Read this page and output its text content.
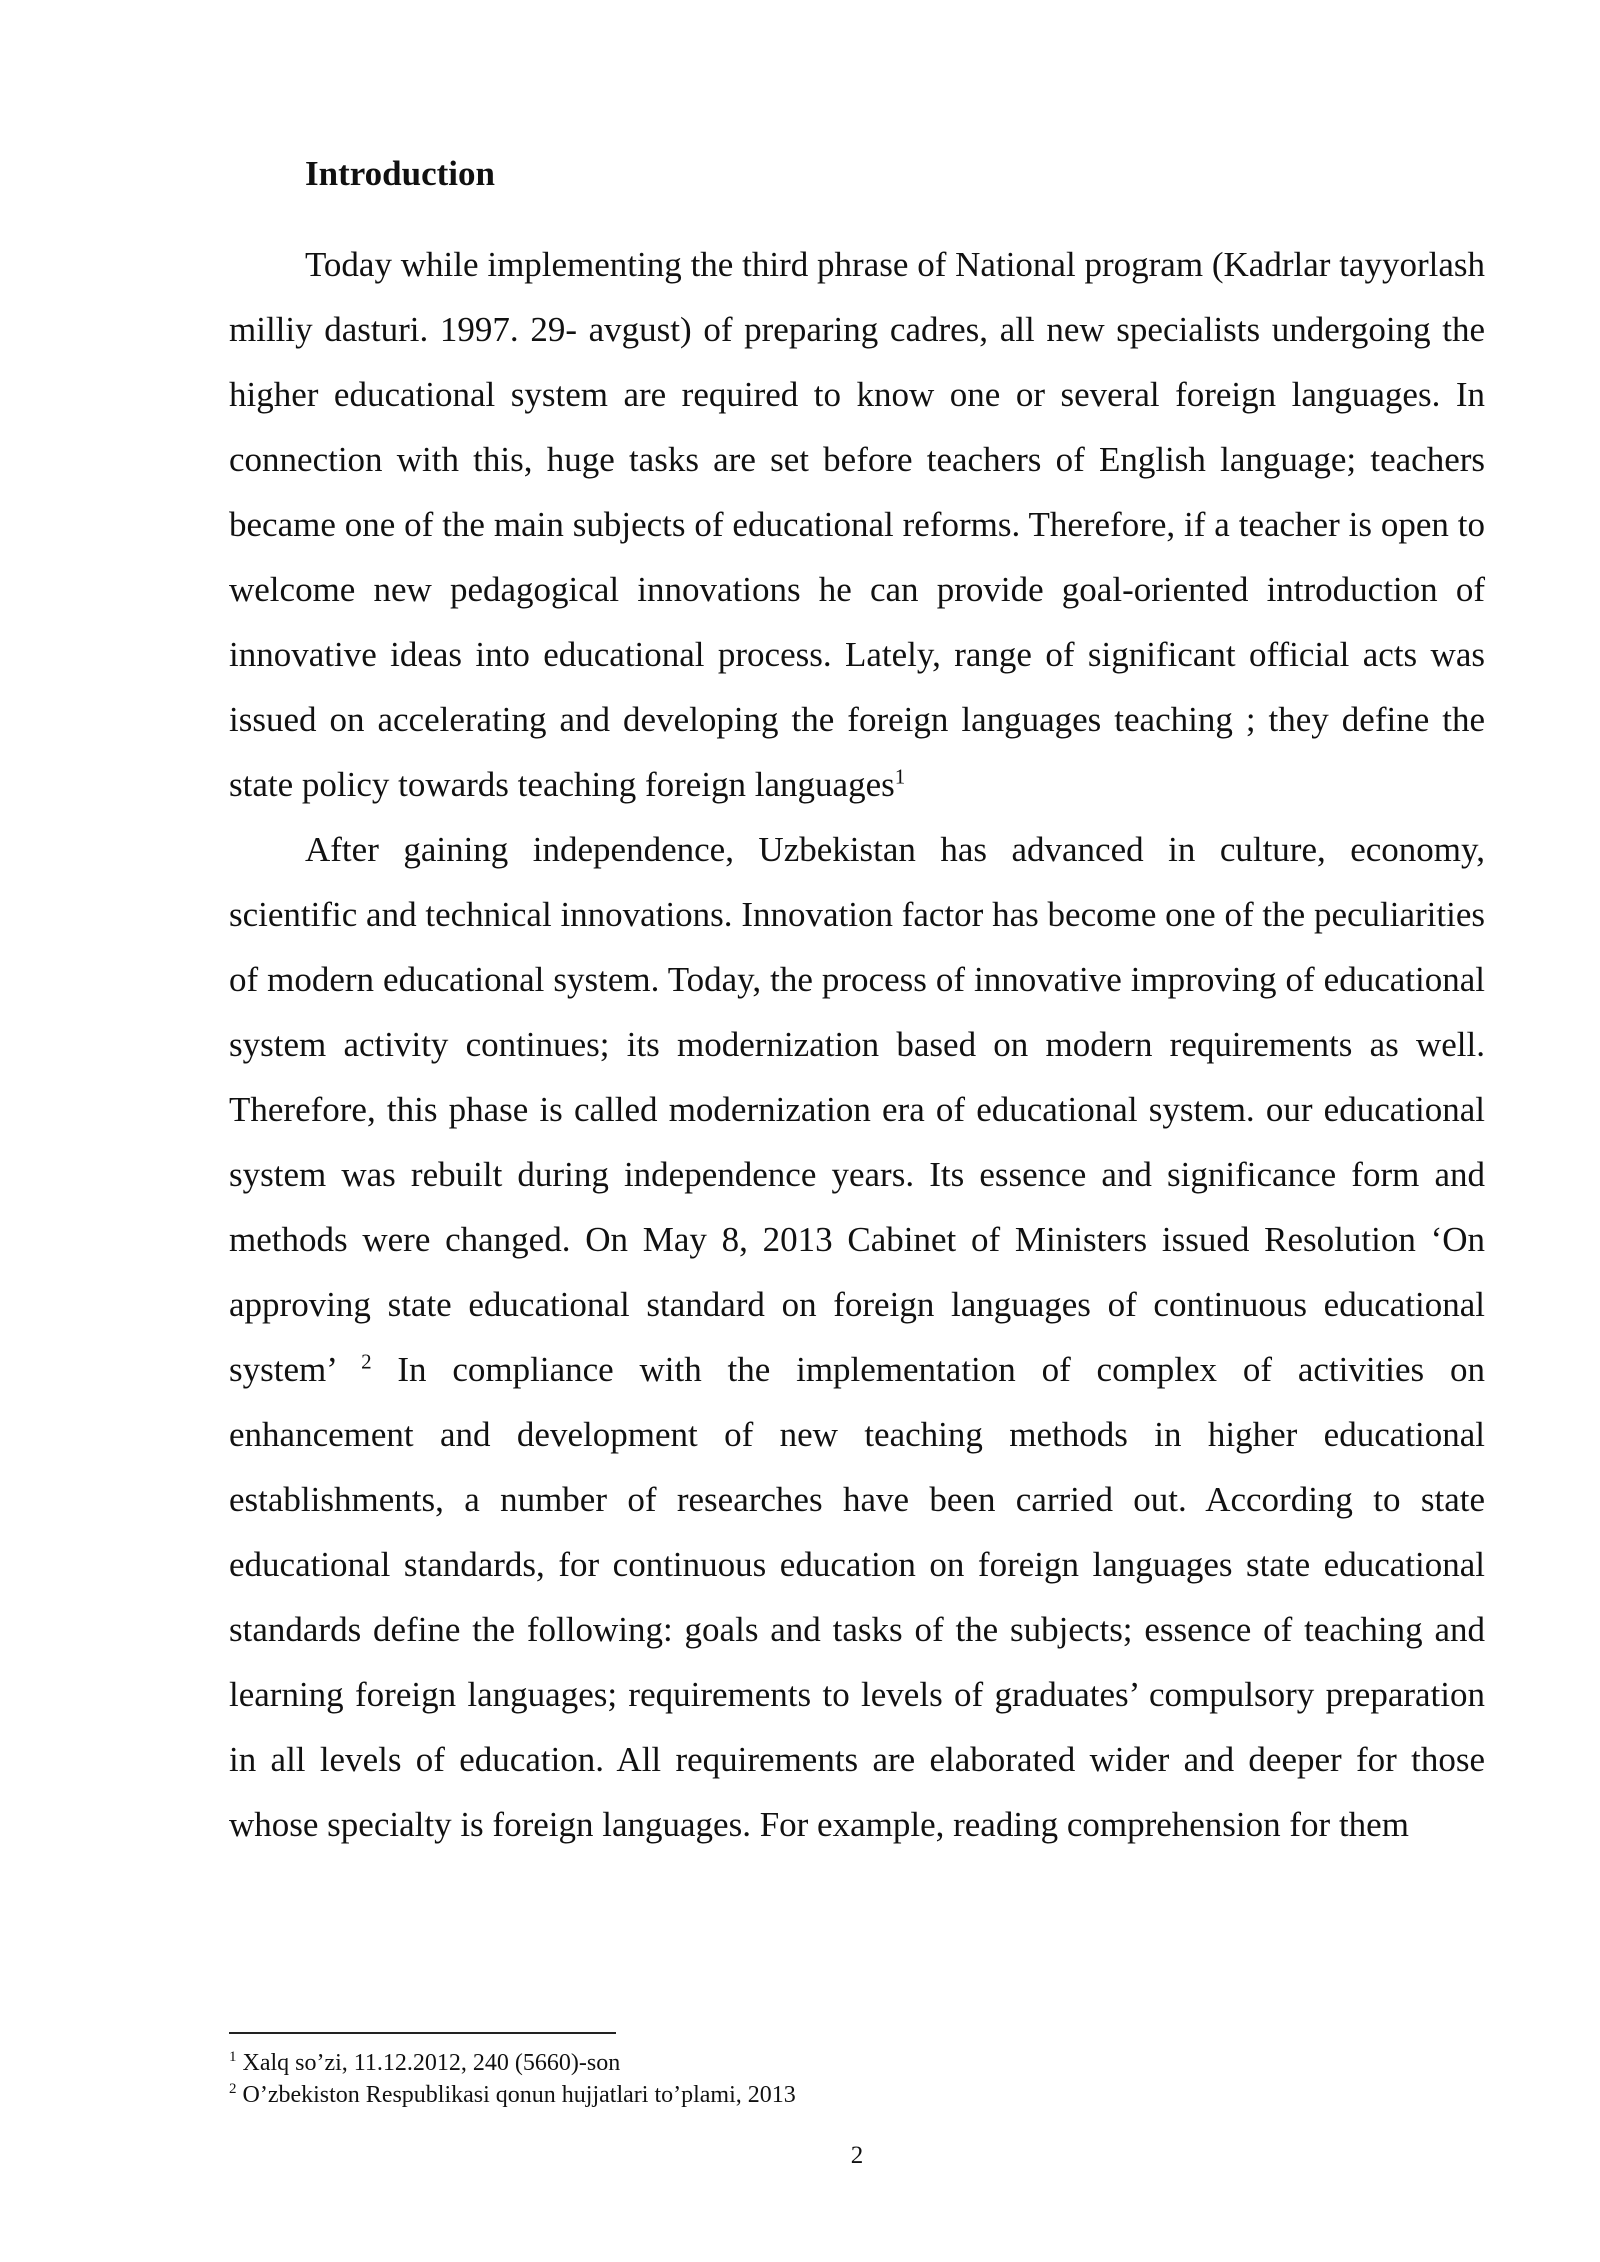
Introduction

Today while implementing the third phrase of National program (Kadrlar tayyorlash milliy dasturi. 1997. 29- avgust) of preparing cadres, all new specialists undergoing the higher educational system are required to know one or several foreign languages. In connection with this, huge tasks are set before teachers of English language; teachers became one of the main subjects of educational reforms. Therefore, if a teacher is open to welcome new pedagogical innovations he can provide goal-oriented introduction of innovative ideas into educational process. Lately, range of significant official acts was issued on accelerating and developing the foreign languages teaching ; they define the state policy towards teaching foreign languages$^1$

After gaining independence, Uzbekistan has advanced in culture, economy, scientific and technical innovations. Innovation factor has become one of the peculiarities of modern educational system. Today, the process of innovative improving of educational system activity continues; its modernization based on modern requirements as well. Therefore, this phase is called modernization era of educational system. our educational system was rebuilt during independence years. Its essence and significance form and methods were changed. On May 8, 2013 Cabinet of Ministers issued Resolution ‘On approving state educational standard on foreign languages of continuous educational system’ $^2$ In compliance with the implementation of complex of activities on enhancement and development of new teaching methods in higher educational establishments, a number of researches have been carried out. According to state educational standards, for continuous education on foreign languages state educational standards define the following: goals and tasks of the subjects; essence of teaching and learning foreign languages; requirements to levels of graduates’ compulsory preparation in all levels of education. All requirements are elaborated wider and deeper for those whose specialty is foreign languages. For example, reading comprehension for them

$^1$ Xalq so’zi, 11.12.2012, 240 (5660)-son

$^2$ O’zbekiston Respublikasi qonun hujjatlari to’plami, 2013

2
